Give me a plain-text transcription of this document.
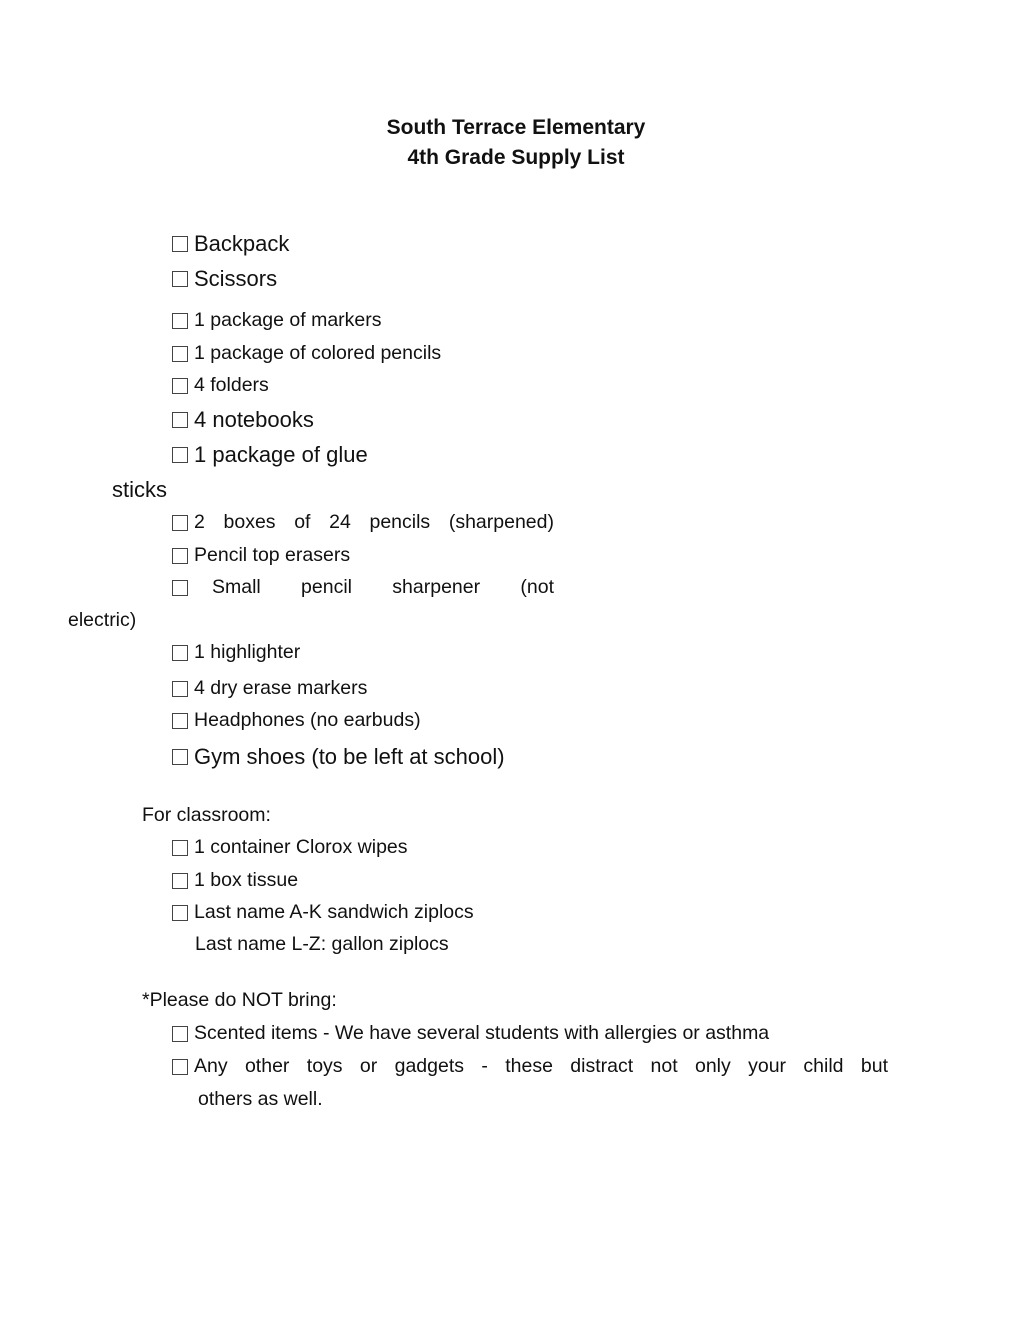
South Terrace Elementary
4th Grade Supply List
Backpack
Scissors
1 package of markers
1 package of colored pencils
4 folders
4 notebooks
1 package of glue
sticks
2 boxes of 24 pencils (sharpened)
Pencil top erasers
Small pencil sharpener (not
electric)
1 highlighter
4 dry erase markers
Headphones (no earbuds)
Gym shoes (to be left at school)
For classroom:
1 container Clorox wipes
1 box tissue
Last name A-K sandwich ziplocs
Last name L-Z: gallon ziplocs
*Please do NOT bring:
Scented items - We have several students with allergies or asthma
Any other toys or gadgets - these distract not only your child but
others as well.
